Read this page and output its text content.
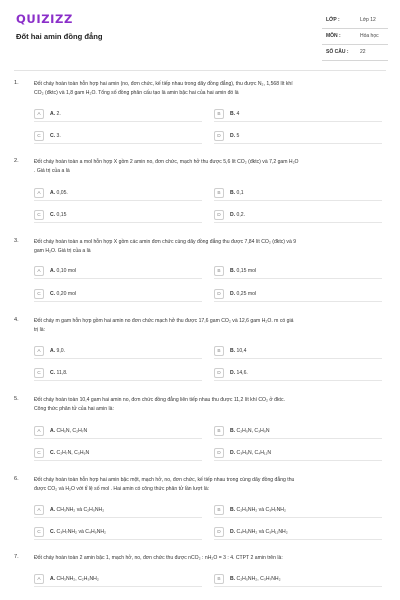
QUIZIZZ
Đốt hai amin đồng đẳng
LỚP :	Lớp 12
MÔN :	Hóa học
SỐ CÂU : 22
1.	Đốt cháy hoàn toàn hỗn hợp hai amin (no, đơn chức, kế tiếp nhau trong dãy đồng đẳng), thu được N₂, 1,568 lít khí
CO₂ (đktc) và 1,8 gam H₂O. Tổng số đồng phân cấu tạo là amin bậc hai của hai amin đó là
A	A. 2.	B	B. 4
C	C. 3.	D	D. 5
2.	Đốt cháy hoàn toàn a mol hỗn hợp X gồm 2 amin no, đơn chức, mạch hở thu được 5,6 lít CO₂ (đktc) và 7,2 gam H₂O
. Giá trị của a là
A	A. 0,05.	B	B. 0,1
C	C. 0,15	D	D. 0,2.
3.	Đốt cháy hoàn toàn a mol hỗn hợp X gồm các amin đơn chức cùng dãy đồng đẳng thu được 7,84 lít CO₂ (đktc) và 9
gam H₂O. Giá trị của a là
A	A. 0,10 mol	B	B. 0,15 mol
C	C. 0,20 mol	D	D. 0,25 mol
4.	Đốt cháy m gam hỗn hợp gồm hai amin no đơn chức mạch hở thu được 17,6 gam CO₂ và 12,6 gam H₂O. m có giá
trị là:
A	A. 9,0.	B	B. 10,4
C	C. 11,8.	D	D. 14,6.
5.	Đốt cháy hoàn toàn 10,4 gam hai amin no, đơn chức đồng đẳng liên tiếp nhau thu được 11,2 lít khí CO₂ ở đktc.
Công thức phân tử của hai amin là:
A	A. CH₅N, C₂H₇N	B	B. C₂H₅N, C₃H₉N
C	C. C₂H₇N, C₃H₉N	D	D. C₃H₉N, C₄H₁₁N
6.	Đốt cháy hoàn toàn hỗn hợp hai amin bậc một, mạch hở, no, đơn chức, kế tiếp nhau trong cùng dãy đồng đẳng thu
được CO₂ và H₂O với tỉ lệ số mol . Hai amin có công thức phân tử lần lượt là:
A	A. CH₃NH₂ và C₂H₅NH₂	B	B. C₂H₅NH₂ và C₃H₇NH₂
C	C. C₃H₇NH₂ và C₄H₉NH₂	D	D. C₄H₉NH₂ và C₅H₁₁NH₂
7.	Đốt cháy hoàn toàn 2 amin bậc 1, mạch hở, no, đơn chức thu được nCO₂ : nH₂O = 3 : 4. CTPT 2 amin trên là:
A	A. CH₃NH₂, C₂H₅NH₂	B	B. C₂H₅NH₂, C₃H₇NH₂
